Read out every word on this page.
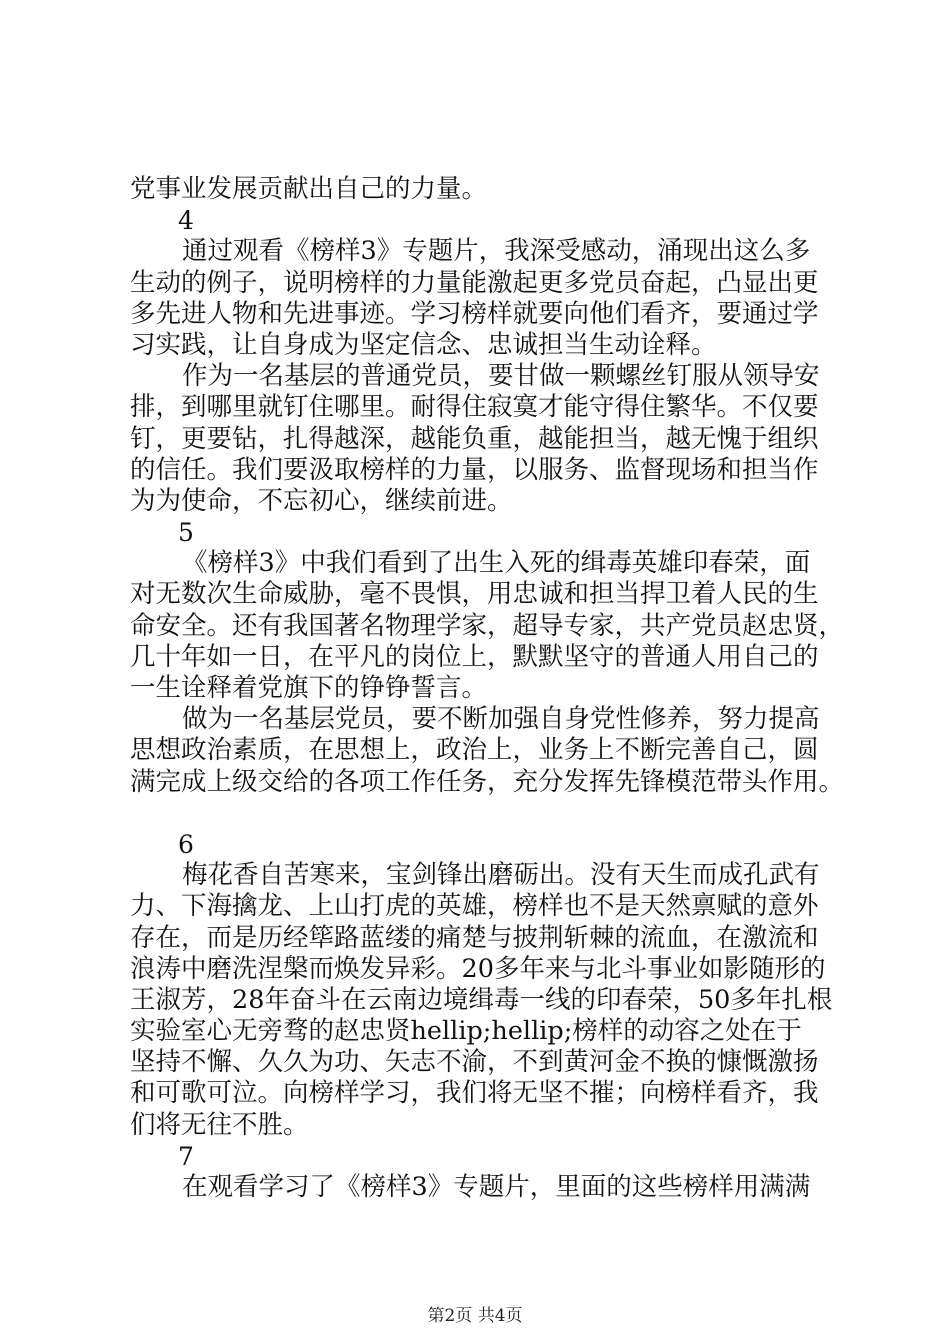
党事业发展贡献出自己的力量。
4
通过观看《榜样3》专题片，我深受感动，涌现出这么多
生动的例子，说明榜样的力量能激起更多党员奋起，凸显出更
多先进人物和先进事迹。学习榜样就要向他们看齐，要通过学
习实践，让自身成为坚定信念、忠诚担当生动诠释。
作为一名基层的普通党员，要甘做一颗螺丝钉服从领导安
排，到哪里就钉住哪里。耐得住寂寞才能守得住繁华。不仅要
钉，更要钻，扎得越深，越能负重，越能担当，越无愧于组织
的信任。我们要汲取榜样的力量，以服务、监督现场和担当作
为为使命，不忘初心，继续前进。
5
《榜样3》中我们看到了出生入死的缉毒英雄印春荣，面
对无数次生命威胁，毫不畏惧，用忠诚和担当捍卫着人民的生
命安全。还有我国著名物理学家，超导专家，共产党员赵忠贤，
几十年如一日，在平凡的岗位上，默默坚守的普通人用自己的
一生诠释着党旗下的铮铮誓言。
做为一名基层党员，要不断加强自身党性修养，努力提高
思想政治素质，在思想上，政治上，业务上不断完善自己，圆
满完成上级交给的各项工作任务，充分发挥先锋模范带头作用。
6
梅花香自苦寒来，宝剑锋出磨砺出。没有天生而成孔武有
力、下海擒龙、上山打虎的英雄，榜样也不是天然禀赋的意外
存在，而是历经筚路蓝缕的痛楚与披荆斩棘的流血，在激流和
浪涛中磨洗涅槃而焕发异彩。20多年来与北斗事业如影随形的
王淑芳，28年奋斗在云南边境缉毒一线的印春荣，50多年扎根
实验室心无旁骛的赵忠贤hellip;hellip;榜样的动容之处在于
坚持不懈、久久为功、矢志不渝，不到黄河金不换的慷慨激扬
和可歌可泣。向榜样学习，我们将无坚不摧；向榜样看齐，我
们将无往不胜。
7
在观看学习了《榜样3》专题片，里面的这些榜样用满满
第2页 共4页
